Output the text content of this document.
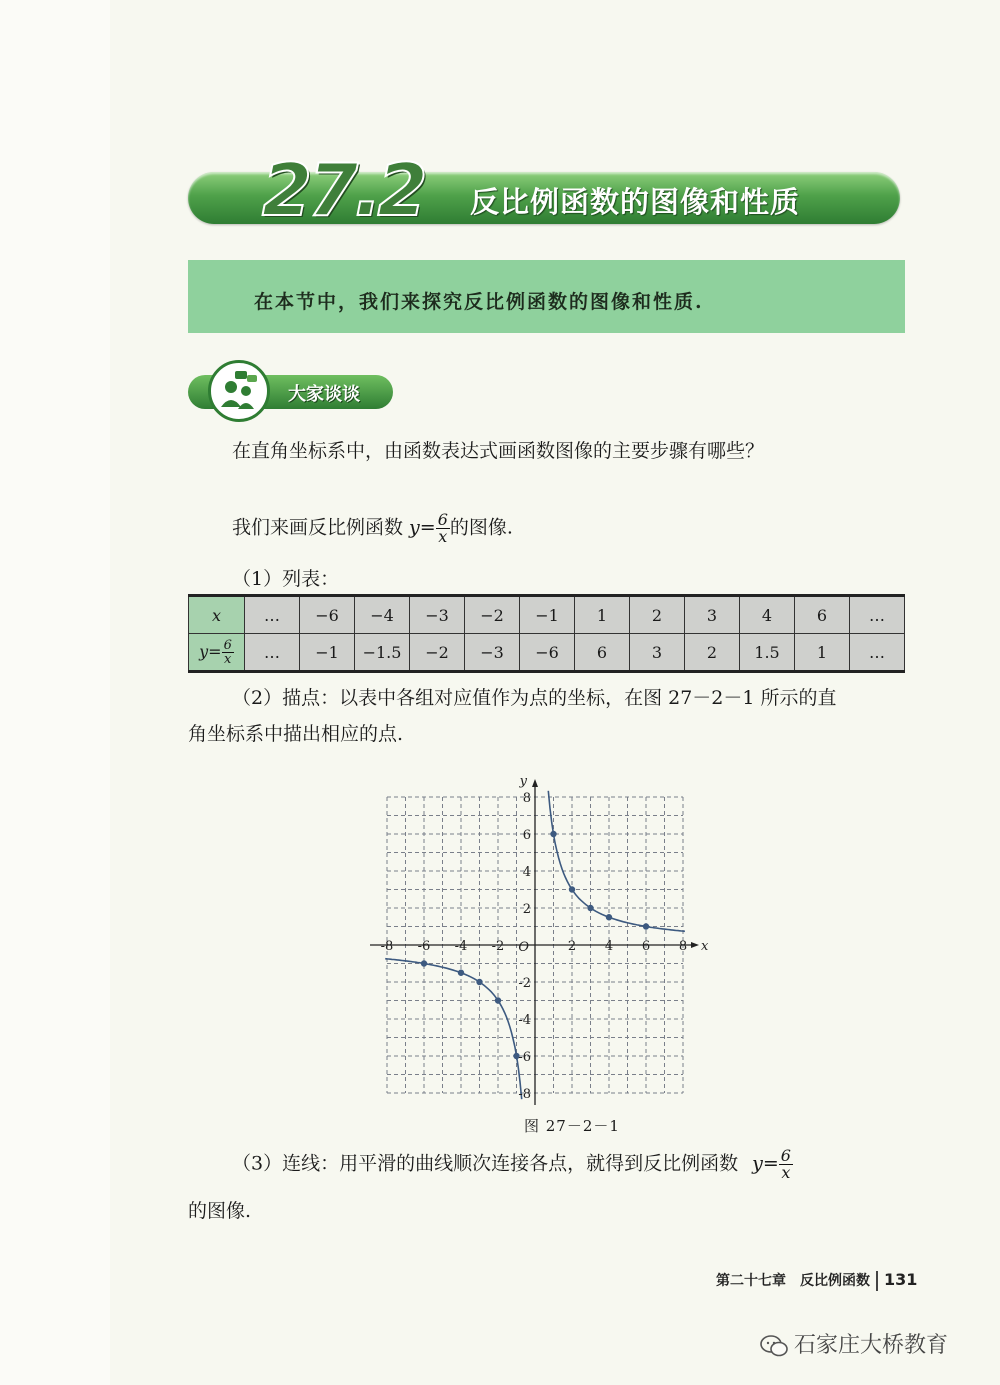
27.2 反比例函数的图像和性质
在本节中，我们来探究反比例函数的图像和性质.
大家谈谈
在直角坐标系中，由函数表达式画函数图像的主要步骤有哪些？
我们来画反比例函数 $y= \frac{6}{x}$ 的图像.
（1）列表：
x	…	−6	−4	−3	−2	−1	1	2	3	4	6	…
$y= \frac{6}{x}$	…	−1	−1.5	−2	−3	−6	6	3	2	1.5	1	…
（2）描点：以表中各组对应值作为点的坐标，在图 27－2－1 所示的直
角坐标系中描出相应的点.
-8 -6 -4 -2	2 4 6 8
8
6
4
2
-2
-4
-6
-8
O	x
y
图 27－2－1
（3）连线：用平滑的曲线顺次连接各点，就得到反比例函数 $y= \frac{6}{x}$
的图像.
第二十七章　反比例函数 131
石家庄大桥教育
